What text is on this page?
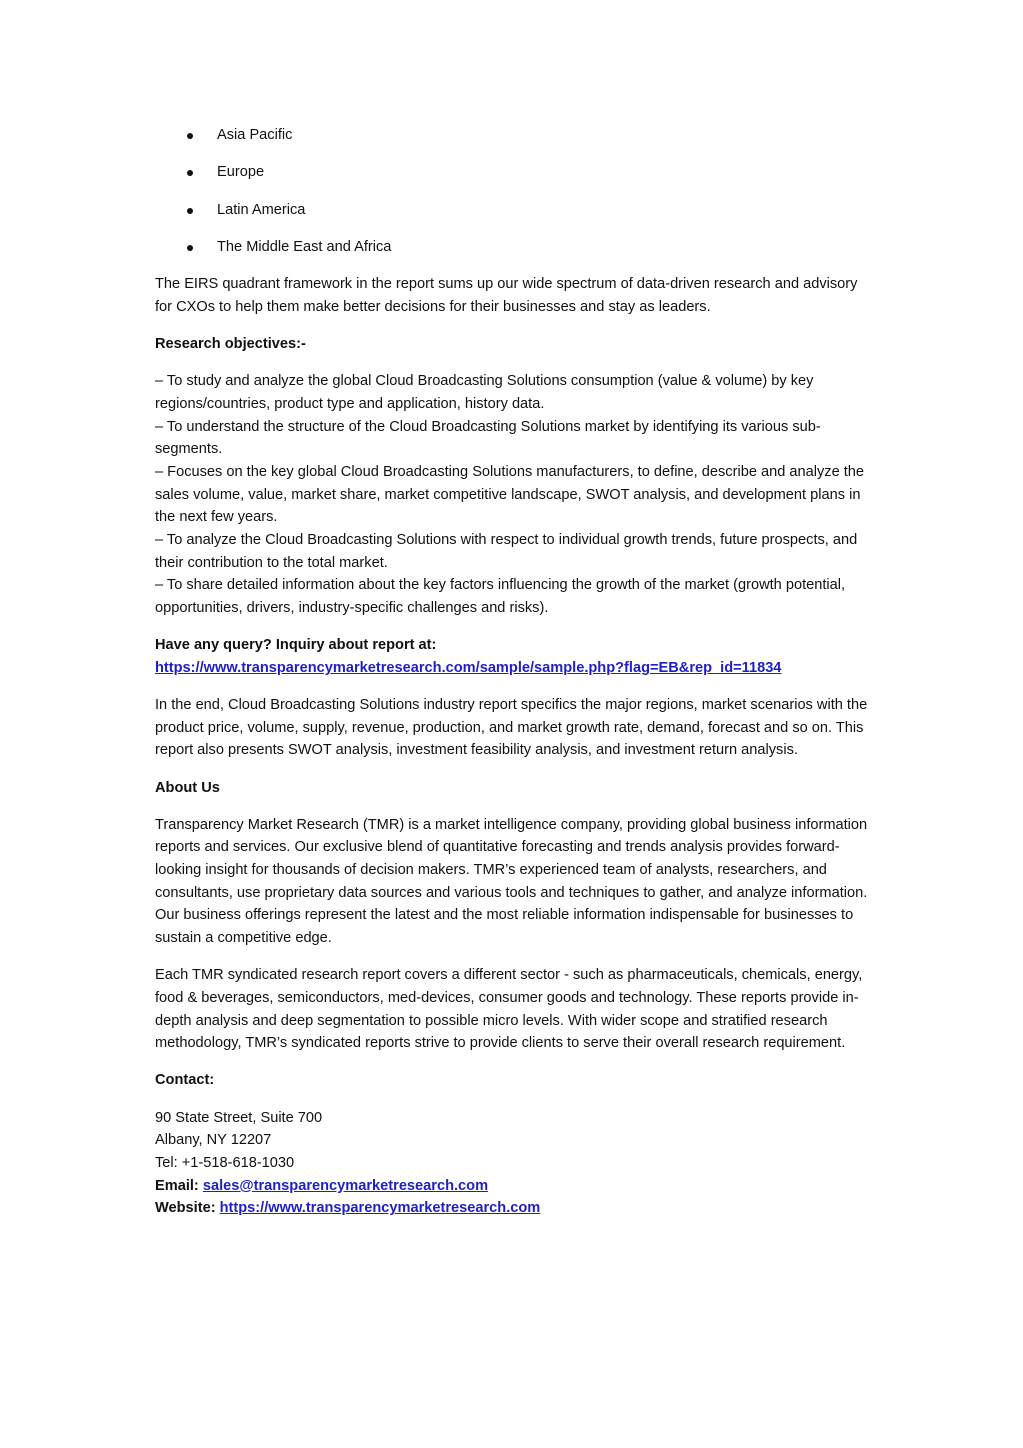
Asia Pacific
Europe
Latin America
The Middle East and Africa

The EIRS quadrant framework in the report sums up our wide spectrum of data-driven research and advisory for CXOs to help them make better decisions for their businesses and stay as leaders.

Research objectives:-

– To study and analyze the global Cloud Broadcasting Solutions consumption (value & volume) by key regions/countries, product type and application, history data.
– To understand the structure of the Cloud Broadcasting Solutions market by identifying its various sub-segments.
– Focuses on the key global Cloud Broadcasting Solutions manufacturers, to define, describe and analyze the sales volume, value, market share, market competitive landscape, SWOT analysis, and development plans in the next few years.
– To analyze the Cloud Broadcasting Solutions with respect to individual growth trends, future prospects, and their contribution to the total market.
– To share detailed information about the key factors influencing the growth of the market (growth potential, opportunities, drivers, industry-specific challenges and risks).

Have any query? Inquiry about report at:
https://www.transparencymarketresearch.com/sample/sample.php?flag=EB&rep_id=11834

In the end, Cloud Broadcasting Solutions industry report specifics the major regions, market scenarios with the product price, volume, supply, revenue, production, and market growth rate, demand, forecast and so on. This report also presents SWOT analysis, investment feasibility analysis, and investment return analysis.

About Us

Transparency Market Research (TMR) is a market intelligence company, providing global business information reports and services. Our exclusive blend of quantitative forecasting and trends analysis provides forward-looking insight for thousands of decision makers. TMR’s experienced team of analysts, researchers, and consultants, use proprietary data sources and various tools and techniques to gather, and analyze information. Our business offerings represent the latest and the most reliable information indispensable for businesses to sustain a competitive edge.

Each TMR syndicated research report covers a different sector - such as pharmaceuticals, chemicals, energy, food & beverages, semiconductors, med-devices, consumer goods and technology. These reports provide in-depth analysis and deep segmentation to possible micro levels. With wider scope and stratified research methodology, TMR’s syndicated reports strive to provide clients to serve their overall research requirement.

Contact:

90 State Street, Suite 700
Albany, NY 12207
Tel: +1-518-618-1030
Email: sales@transparencymarketresearch.com
Website: https://www.transparencymarketresearch.com
